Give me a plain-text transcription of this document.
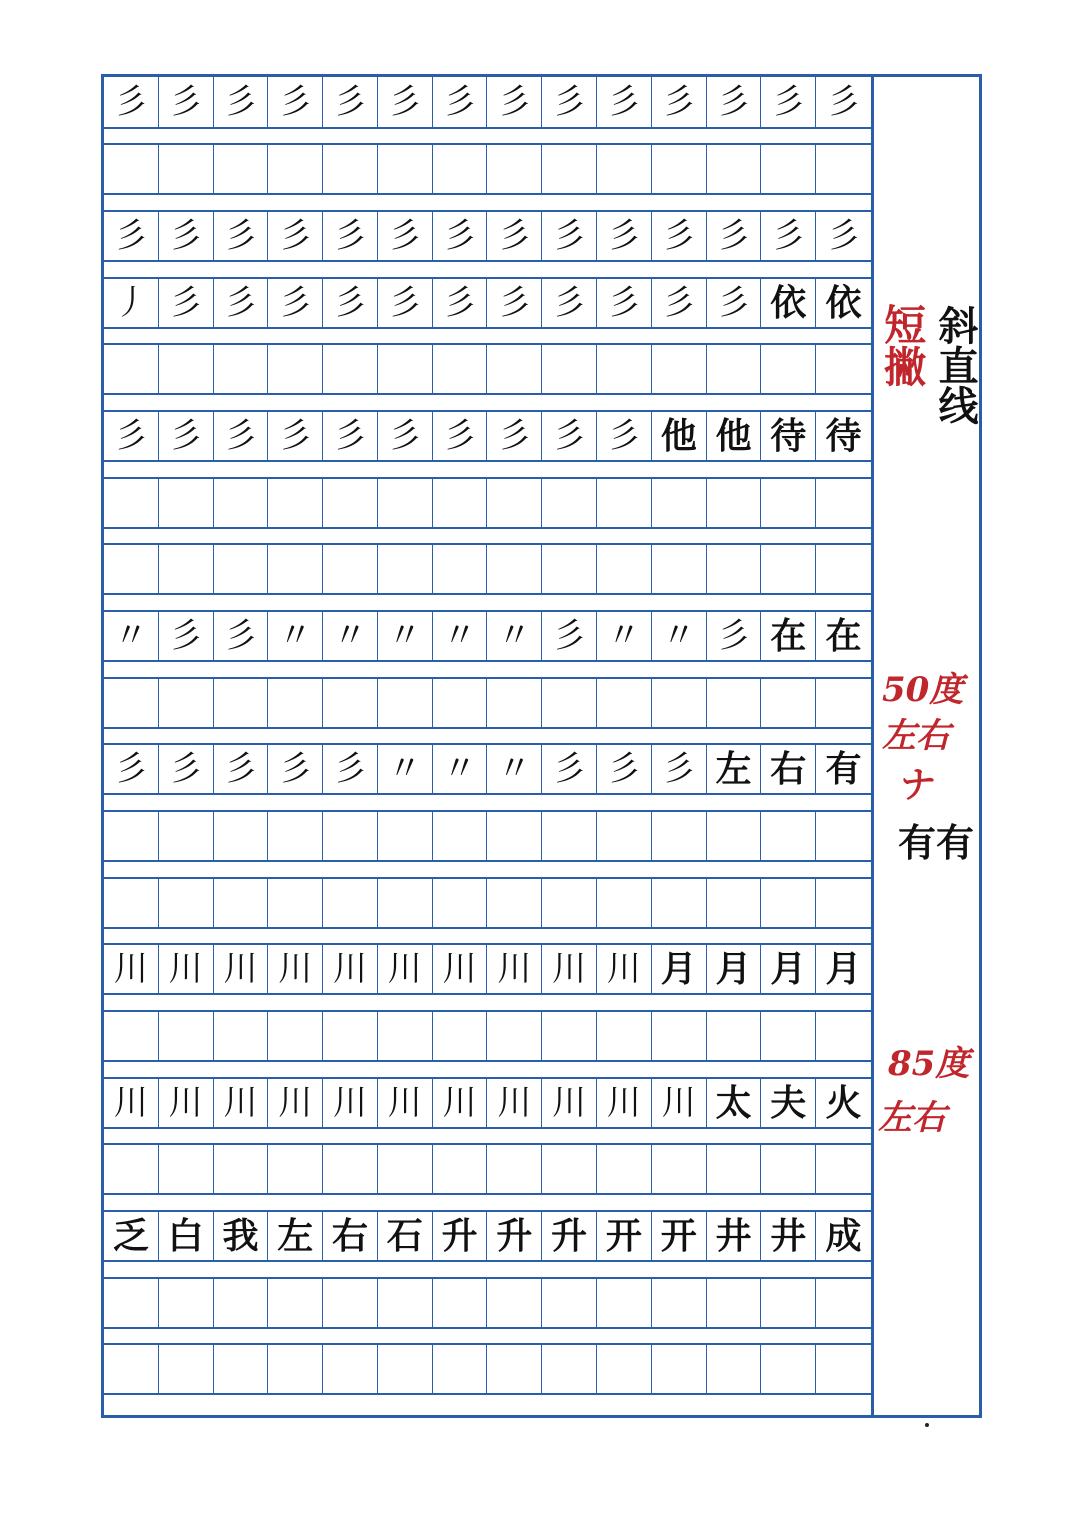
彡 彡 彡 彡 彡 彡 彡 彡 彡 彡 彡 彡 彡 彡
彡 彡 彡 彡 彡 彡 彡 彡 彡 彡 彡 彡 彡 彡
丿 彡 彡 彡 彡 彡 彡 彡 彡 彡 彡 彡 依 依
彡 彡 彡 彡 彡 彡 彡 彡 彡 彡 他 他 待 待
〃 彡 彡 〃 〃 〃 〃 〃 彡 〃 〃 彡 在 在
彡 彡 彡 彡 彡 〃 〃 〃 彡 彡 彡 左 右 有
川 川 川 川 川 川 川 川 川 川 月 月 月 月
川 川 川 川 川 川 川 川 川 川 川 太 夫 火
乏 白 我 左 右 石 升 升 升 开 开 井 井 成
斜直线
短撇
50度
左右
ナ
有有
85度
左右
